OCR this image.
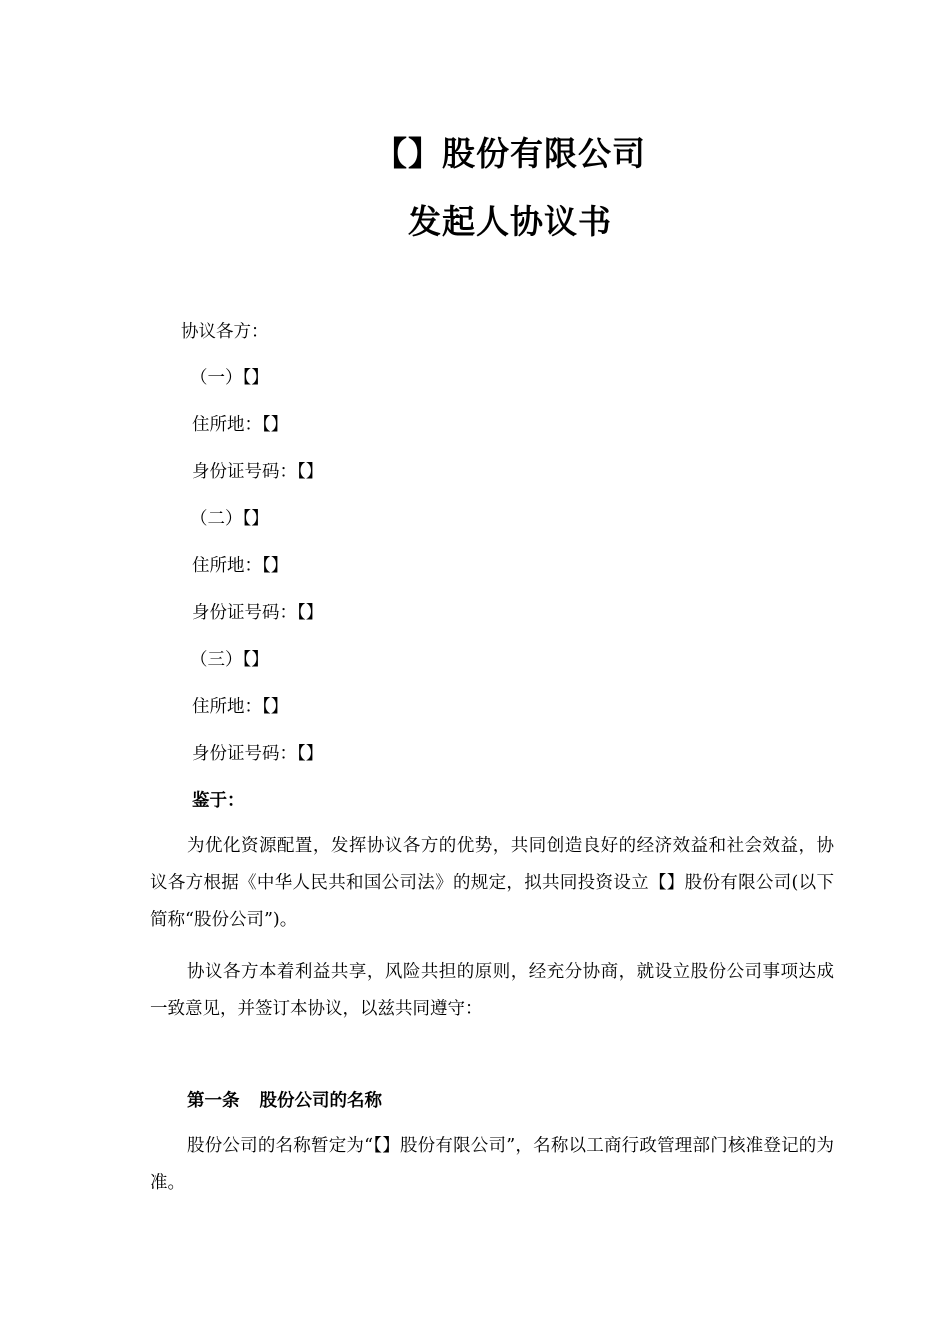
【】股份有限公司
发起人协议书
协议各方：
（一）【】
住所地：【】
身份证号码：【】
（二）【】
住所地：【】
身份证号码：【】
（三）【】
住所地：【】
身份证号码：【】
鉴于：
为优化资源配置，发挥协议各方的优势，共同创造良好的经济效益和社会效益，协议各方根据《中华人民共和国公司法》的规定，拟共同投资设立【】股份有限公司(以下简称“股份公司”)。
协议各方本着利益共享，风险共担的原则，经充分协商，就设立股份公司事项达成一致意见，并签订本协议，以兹共同遵守：
第一条 股份公司的名称
股份公司的名称暂定为“【】股份有限公司”，名称以工商行政管理部门核准登记的为准。
